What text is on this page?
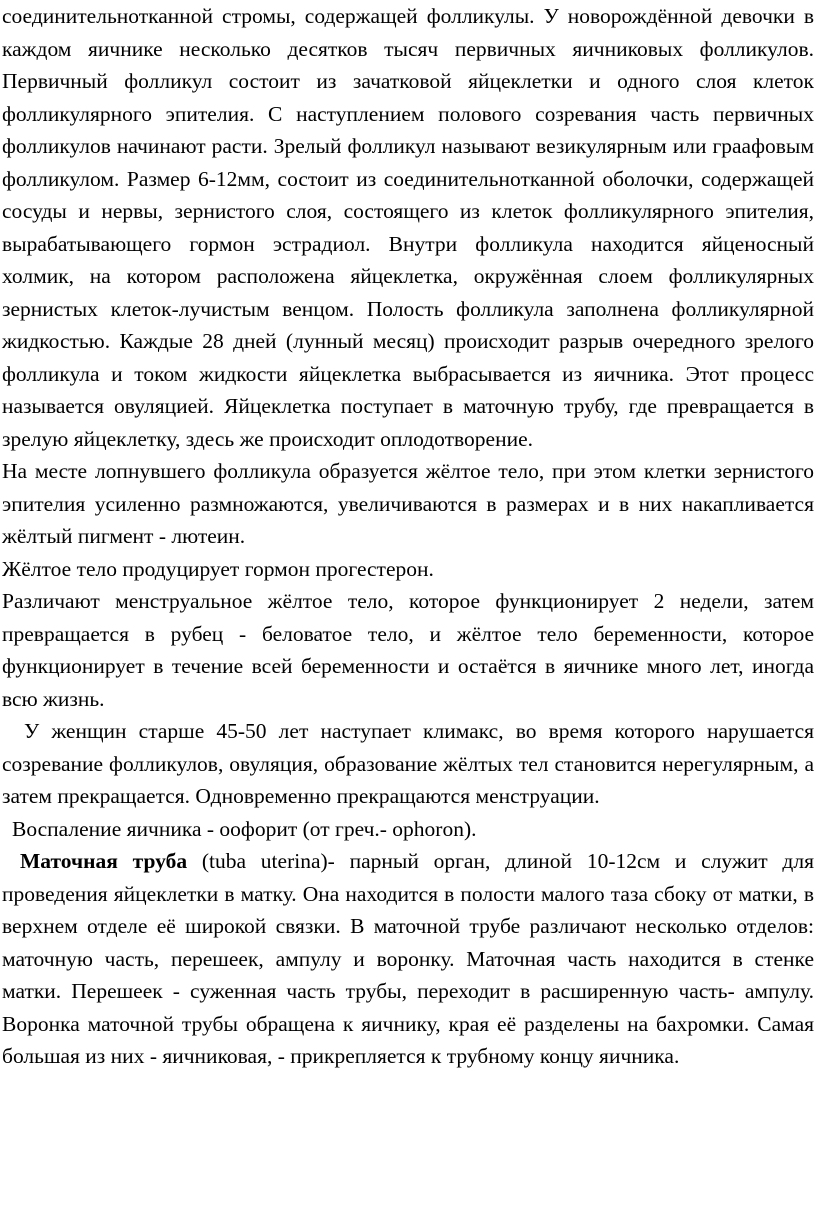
соединительнотканной стромы, содержащей фолликулы. У новорождённой девочки в каждом яичнике несколько десятков тысяч первичных яичниковых фолликулов. Первичный фолликул состоит из зачатковой яйцеклетки и одного слоя клеток фолликулярного эпителия. С наступлением полового созревания часть первичных фолликулов начинают расти. Зрелый фолликул называют везикулярным или граафовым фолликулом. Размер 6-12мм, состоит из соединительнотканной оболочки, содержащей сосуды и нервы, зернистого слоя, состоящего из клеток фолликулярного эпителия, вырабатывающего гормон эстрадиол. Внутри фолликула находится яйценосный холмик, на котором расположена яйцеклетка, окружённая слоем фолликулярных зернистых клеток-лучистым венцом. Полость фолликула заполнена фолликулярной жидкостью. Каждые 28 дней (лунный месяц) происходит разрыв очередного зрелого фолликула и током жидкости яйцеклетка выбрасывается из яичника. Этот процесс называется овуляцией. Яйцеклетка поступает в маточную трубу, где превращается в зрелую яйцеклетку, здесь же происходит оплодотворение.

На месте лопнувшего фолликула образуется жёлтое тело, при этом клетки зернистого эпителия усиленно размножаются, увеличиваются в размерах и в них накапливается жёлтый пигмент - лютеин.

Жёлтое тело продуцирует гормон прогестерон.

Различают менструальное жёлтое тело, которое функционирует 2 недели, затем превращается в рубец - беловатое тело, и жёлтое тело беременности, которое функционирует в течение всей беременности и остаётся в яичнике много лет, иногда всю жизнь.

У женщин старше 45-50 лет наступает климакс, во время которого нарушается созревание фолликулов, овуляция, образование жёлтых тел становится нерегулярным, а затем прекращается. Одновременно прекращаются менструации.

Воспаление яичника - оофорит (от греч.- ophoron).

Маточная труба (tuba uterina)- парный орган, длиной 10-12см и служит для проведения яйцеклетки в матку. Она находится в полости малого таза сбоку от матки, в верхнем отделе её широкой связки. В маточной трубе различают несколько отделов: маточную часть, перешеек, ампулу и воронку. Маточная часть находится в стенке матки. Перешеек - суженная часть трубы, переходит в расширенную часть- ампулу. Воронка маточной трубы обращена к яичнику, края её разделены на бахромки. Самая большая из них - яичниковая, - прикрепляется к трубному концу яичника.
